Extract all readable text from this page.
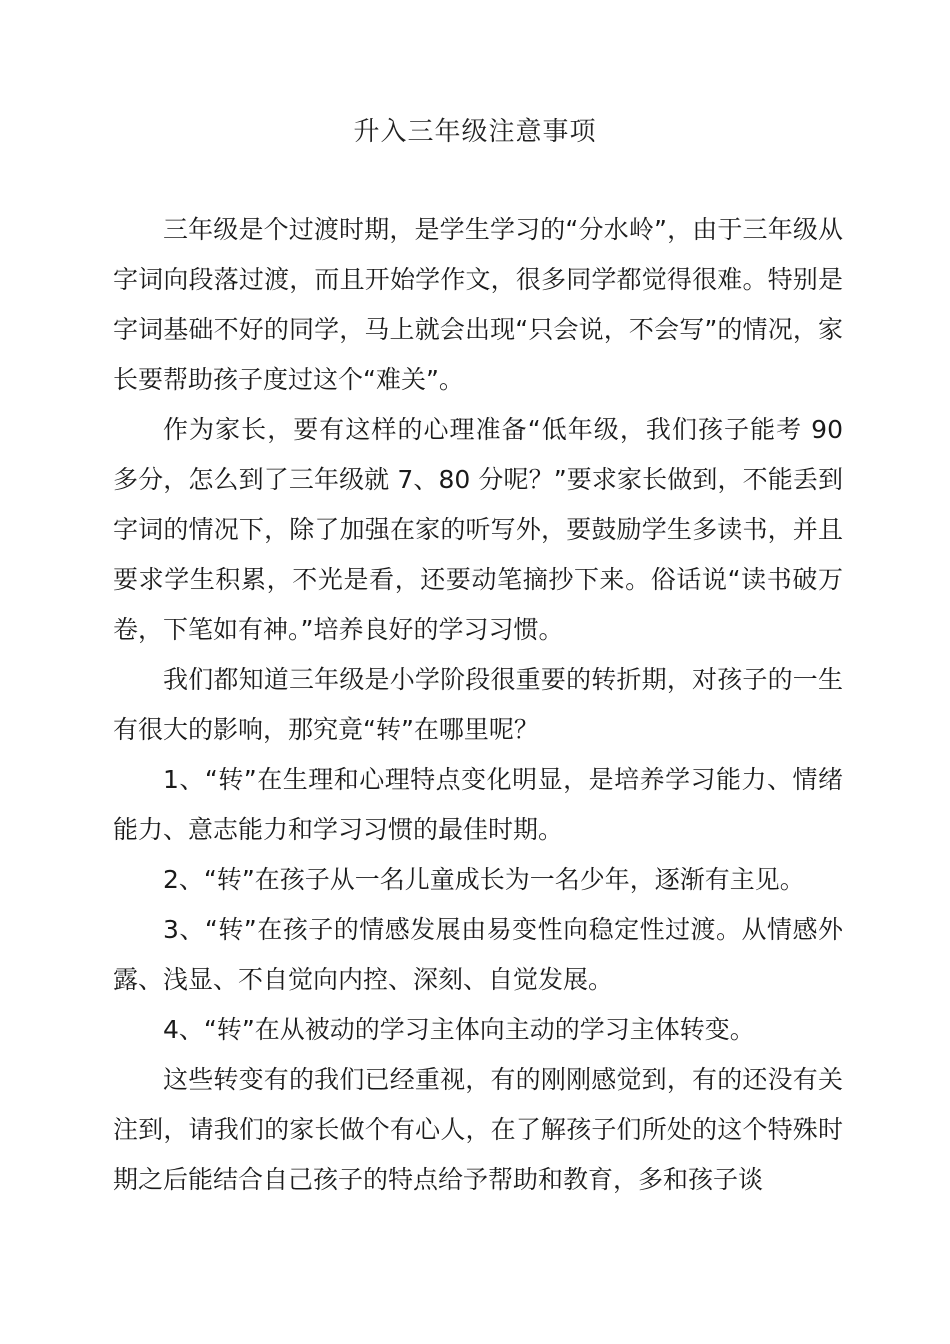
升入三年级注意事项

三年级是个过渡时期，是学生学习的“分水岭”，由于三年级从字词向段落过渡，而且开始学作文，很多同学都觉得很难。特别是字词基础不好的同学，马上就会出现“只会说，不会写”的情况，家长要帮助孩子度过这个“难关”。

作为家长，要有这样的心理准备“低年级，我们孩子能考 90 多分，怎么到了三年级就 7、80 分呢？”要求家长做到，不能丢到字词的情况下，除了加强在家的听写外，要鼓励学生多读书，并且要求学生积累，不光是看，还要动笔摘抄下来。俗话说“读书破万卷，下笔如有神。”培养良好的学习习惯。

我们都知道三年级是小学阶段很重要的转折期，对孩子的一生有很大的影响，那究竟“转”在哪里呢？

1、“转”在生理和心理特点变化明显，是培养学习能力、情绪能力、意志能力和学习习惯的最佳时期。

2、“转”在孩子从一名儿童成长为一名少年，逐渐有主见。

3、“转”在孩子的情感发展由易变性向稳定性过渡。从情感外露、浅显、不自觉向内控、深刻、自觉发展。

4、“转”在从被动的学习主体向主动的学习主体转变。

这些转变有的我们已经重视，有的刚刚感觉到，有的还没有关注到，请我们的家长做个有心人，在了解孩子们所处的这个特殊时期之后能结合自己孩子的特点给予帮助和教育，多和孩子谈
